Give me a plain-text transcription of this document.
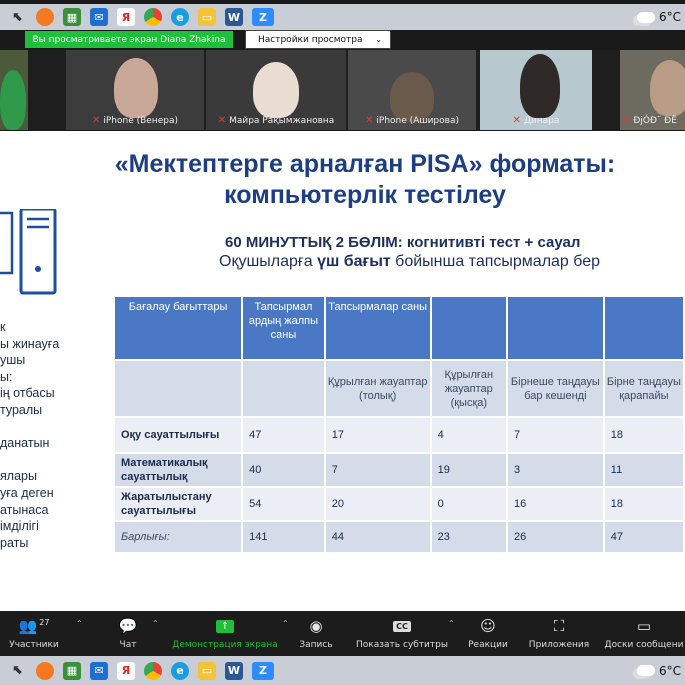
⬉	▦	✉	Я	e	▭	W	Z	6°C
Вы просматриваете экран Diana Zhakina	Настройки просмотра ⌄
✕ iPhone (Венера)	✕ Майра Рақымжановна	✕ iPhone (Аширова)	✕ Динара	✕ ÐjÓÐ¨ ÐË
«Мектептерге арналған PISA» форматы:
компьютерлік тестілеу
60 МИНУТТЫҚ 2 БӨЛІМ: когнитивті тест + сауал
Оқушыларға үш бағыт бойынша тапсырмалар бер
к
ы жинауға
ушы
ы:
ің отбасы
туралы
данатын
ялары
уға деген
атынаса
імділігі
раты
Бағалау бағыттары	Тапсырмал ардың жалпы саны	Тапсырмалар саны			
		Құрылған жауаптар (толық)	Құрылған жауаптар (қысқа)	Бірнеше таңдауы бар кешенді	Бірне таңдауы қарапайы
Оқу сауаттылығы	47	17	4	7	18
Математикалық сауаттылық	40	7	19	3	11
Жаратылыстану сауаттылығы	54	20	0	16	18
Барлығы:	141	44	23	26	47
👥 27
Участники
⌃	💬
Чат
⌃	↑
Демонстрация экрана
⌃	◉
Запись
CC
Показать субтитры
⌃	☺
Реакции
⛶
Приложения
▭
Доски сообщени
⬉	▦	✉	Я	e	▭	W	Z	6°C
